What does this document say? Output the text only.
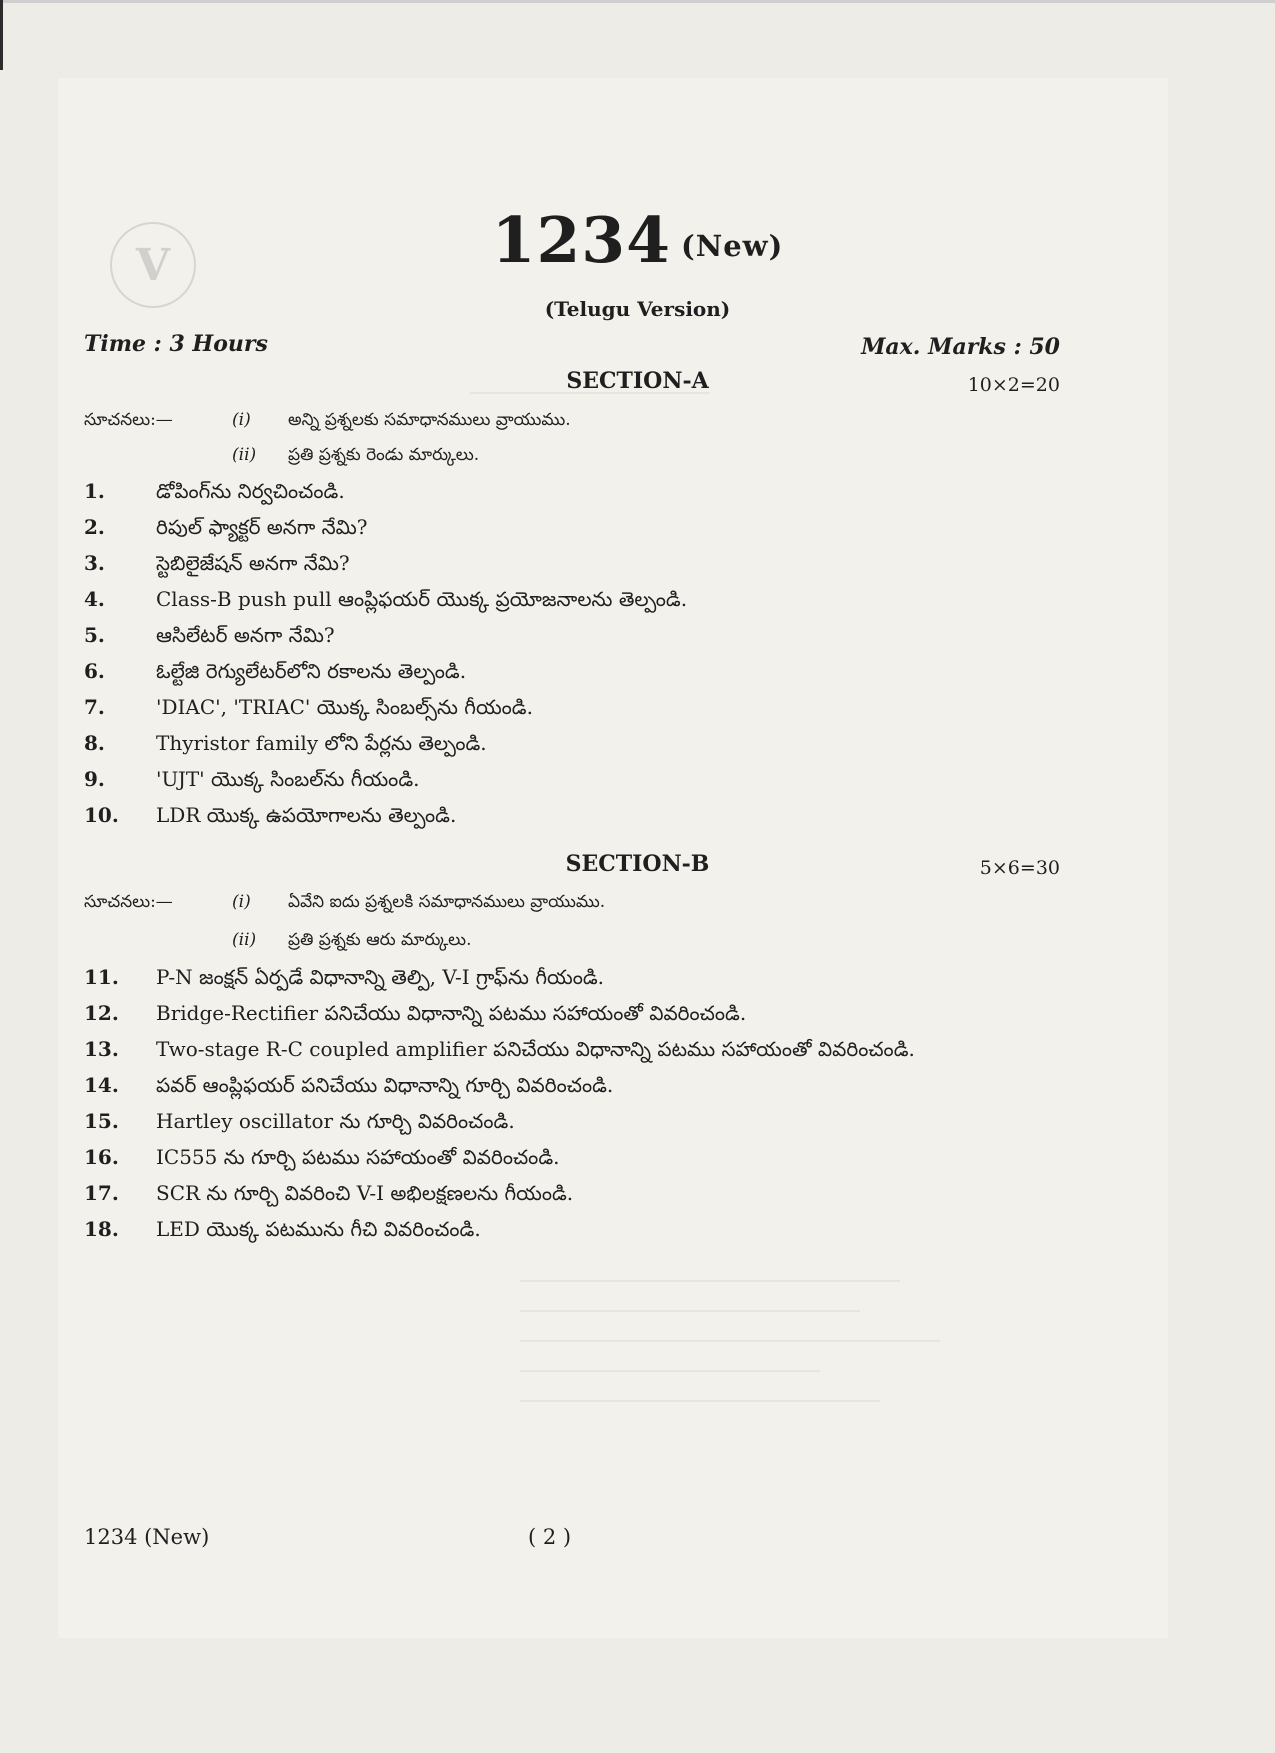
V	1234 (New)
(Telugu Version)
Time : 3 Hours	Max. Marks : 50
SECTION-A	10×2=20
సూచనలు:—	(i) అన్ని ప్రశ్నలకు సమాధానములు వ్రాయుము.
(ii) ప్రతి ప్రశ్నకు రెండు మార్కులు.
1.	డోపింగ్‌ను నిర్వచించండి.
2.	రిపుల్ ఫ్యాక్టర్ అనగా నేమి?
3.	స్టెబిలైజేషన్ అనగా నేమి?
4.	Class-B push pull ఆంప్లిఫయర్ యొక్క ప్రయోజనాలను తెల్పండి.
5.	ఆసిలేటర్ అనగా నేమి?
6.	ఓల్టేజి రెగ్యులేటర్‌లోని రకాలను తెల్పండి.
7.	'DIAC', 'TRIAC' యొక్క సింబల్స్‌ను గీయండి.
8.	Thyristor family లోని పేర్లను తెల్పండి.
9.	'UJT' యొక్క సింబల్‌ను గీయండి.
10. LDR యొక్క ఉపయోగాలను తెల్పండి.
SECTION-B	5×6=30
సూచనలు:—	(i) ఏవేని ఐదు ప్రశ్నలకి సమాధానములు వ్రాయుము.
(ii) ప్రతి ప్రశ్నకు ఆరు మార్కులు.
11. P-N జంక్షన్ ఏర్పడే విధానాన్ని తెల్పి, V-I గ్రాఫ్‌ను గీయండి.
12. Bridge-Rectifier పనిచేయు విధానాన్ని పటము సహాయంతో వివరించండి.
13. Two-stage R-C coupled amplifier పనిచేయు విధానాన్ని పటము సహాయంతో వివరించండి.
14. పవర్ ఆంప్లిఫయర్ పనిచేయు విధానాన్ని గూర్చి వివరించండి.
15. Hartley oscillator ను గూర్చి వివరించండి.
16. IC555 ను గూర్చి పటము సహాయంతో వివరించండి.
17. SCR ను గూర్చి వివరించి V-I అభిలక్షణలను గీయండి.
18. LED యొక్క పటమును గీచి వివరించండి.
1234 (New)	( 2 )
